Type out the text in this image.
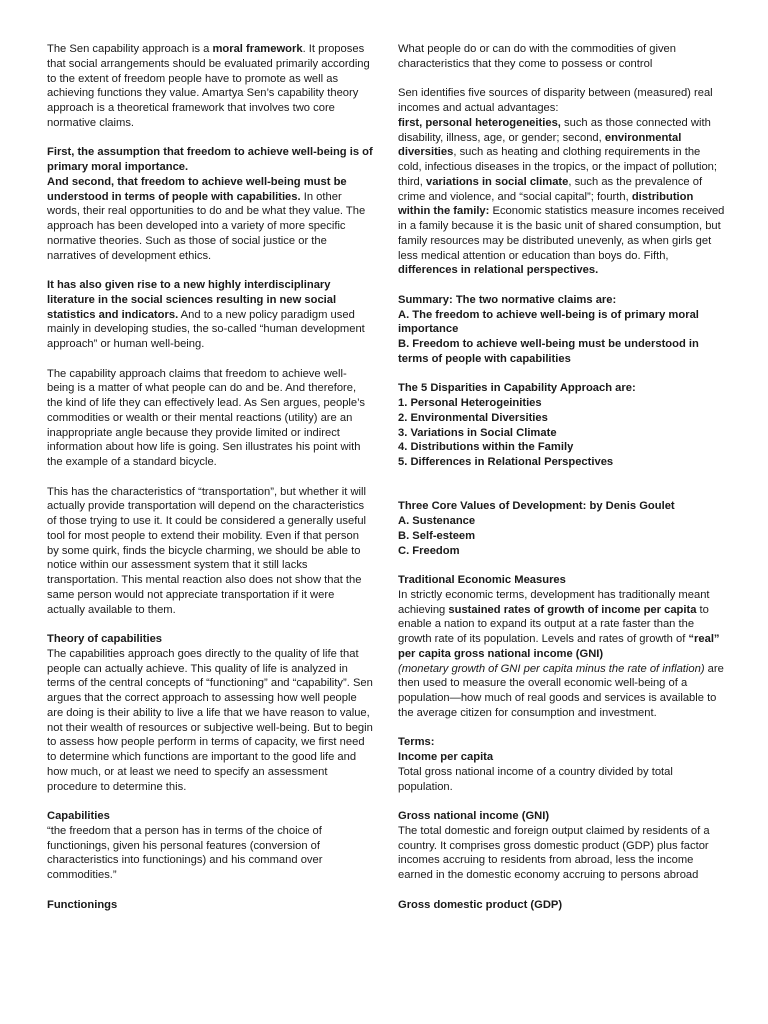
The Sen capability approach is a moral framework. It proposes that social arrangements should be evaluated primarily according to the extent of freedom people have to promote as well as achieving functions they value. Amartya Sen’s capability theory approach is a theoretical framework that involves two core normative claims.

First, the assumption that freedom to achieve well-being is of primary moral importance.
And second, that freedom to achieve well-being must be understood in terms of people with capabilities. In other words, their real opportunities to do and be what they value. The approach has been developed into a variety of more specific normative theories. Such as those of social justice or the narratives of development ethics.

It has also given rise to a new highly interdisciplinary literature in the social sciences resulting in new social statistics and indicators. And to a new policy paradigm used mainly in developing studies, the so-called “human development approach” or human well-being.

The capability approach claims that freedom to achieve well-being is a matter of what people can do and be. And therefore, the kind of life they can effectively lead. As Sen argues, people’s commodities or wealth or their mental reactions (utility) are an inappropriate angle because they provide limited or indirect information about how life is going. Sen illustrates his point with the example of a standard bicycle.

This has the characteristics of “transportation”, but whether it will actually provide transportation will depend on the characteristics of those trying to use it. It could be considered a generally useful tool for most people to extend their mobility. Even if that person by some quirk, finds the bicycle charming, we should be able to notice within our assessment system that it still lacks transportation. This mental reaction also does not show that the same person would not appreciate transportation if it were actually available to them.

Theory of capabilities

The capabilities approach goes directly to the quality of life that people can actually achieve. This quality of life is analyzed in terms of the central concepts of “functioning” and “capability”. Sen argues that the correct approach to assessing how well people are doing is their ability to live a life that we have reason to value, not their wealth of resources or subjective well-being. But to begin to assess how people perform in terms of capacity, we first need to determine which functions are important to the good life and how much, or at least we need to specify an assessment procedure to determine this.

Capabilities

“the freedom that a person has in terms of the choice of functionings, given his personal features (conversion of characteristics into functionings) and his command over commodities.”

Functionings

What people do or can do with the commodities of given characteristics that they come to possess or control

Sen identifies five sources of disparity between (measured) real incomes and actual advantages:
first, personal heterogeneities, such as those connected with disability, illness, age, or gender; second, environmental diversities, such as heating and clothing requirements in the cold, infectious diseases in the tropics, or the impact of pollution; third, variations in social climate, such as the prevalence of crime and violence, and “social capital”; fourth, distribution within the family: Economic statistics measure incomes received in a family because it is the basic unit of shared consumption, but family resources may be distributed unevenly, as when girls get less medical attention or education than boys do. Fifth, differences in relational perspectives.

Summary: The two normative claims are:
A. The freedom to achieve well-being is of primary moral importance
B. Freedom to achieve well-being must be understood in terms of people with capabilities

The 5 Disparities in Capability Approach are:
1. Personal Heterogeinities
2. Environmental Diversities
3. Variations in Social Climate
4. Distributions within the Family
5. Differences in Relational Perspectives
Three Core Values of Development: by Denis Goulet
A. Sustenance
B. Self-esteem
C. Freedom

Traditional Economic Measures
In strictly economic terms, development has traditionally meant achieving sustained rates of growth of income per capita to enable a nation to expand its output at a rate faster than the growth rate of its population. Levels and rates of growth of “real” per capita gross national income (GNI)
(monetary growth of GNI per capita minus the rate of inflation) are then used to measure the overall economic well-being of a population—how much of real goods and services is available to the average citizen for consumption and investment.

Terms:
Income per capita
Total gross national income of a country divided by total population.

Gross national income (GNI)
The total domestic and foreign output claimed by residents of a country. It comprises gross domestic product (GDP) plus factor incomes accruing to residents from abroad, less the income earned in the domestic economy accruing to persons abroad

Gross domestic product (GDP)
